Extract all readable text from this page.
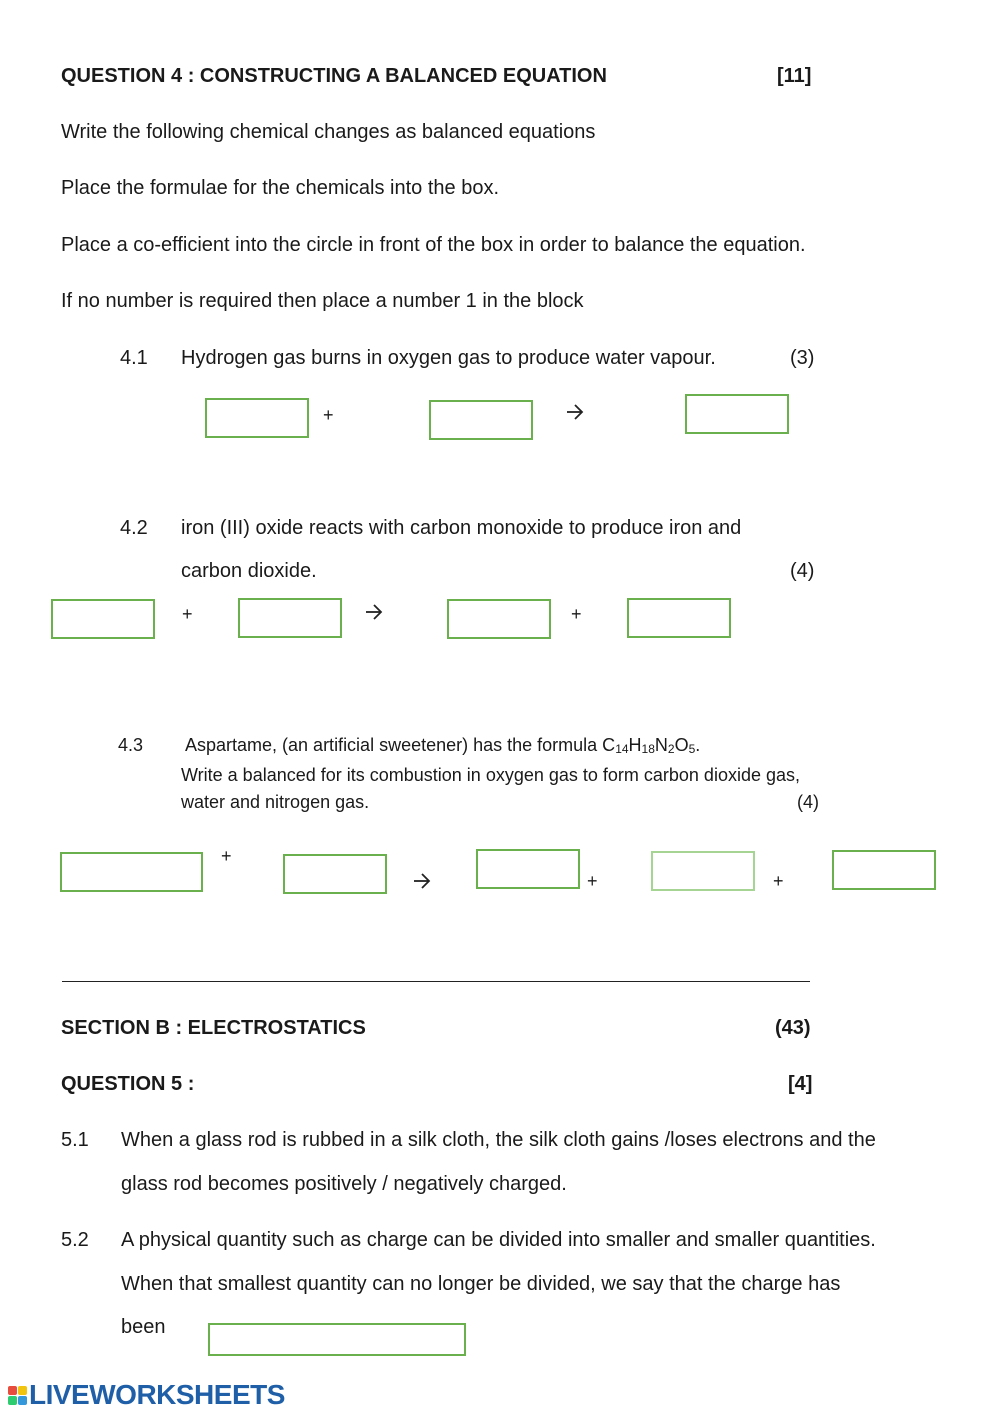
QUESTION 4 : CONSTRUCTING A BALANCED EQUATION	[11]
Write the following chemical changes as balanced equations
Place the formulae for the chemicals into the box.
Place a co-efficient into the circle in front of the box in order to balance the equation.
If no number is required then place a number 1 in the block
4.1 Hydrogen gas burns in oxygen gas to produce water vapour.	(3)
+
4.2 iron (III) oxide reacts with carbon monoxide to produce iron and
carbon dioxide.	(4)
+	+
4.3 Aspartame, (an artificial sweetener) has the formula $C_{14}H_{18}N_2O_5$.
Write a balanced for its combustion in oxygen gas to form carbon dioxide gas,
water and nitrogen gas.	(4)
+
+	+
SECTION B : ELECTROSTATICS	(43)
QUESTION 5 :	[4]
5.1 When a glass rod is rubbed in a silk cloth, the silk cloth gains /loses electrons and the
glass rod becomes positively / negatively charged.
5.2 A physical quantity such as charge can be divided into smaller and smaller quantities.
When that smallest quantity can no longer be divided, we say that the charge has
been
LIVEWORKSHEETS
